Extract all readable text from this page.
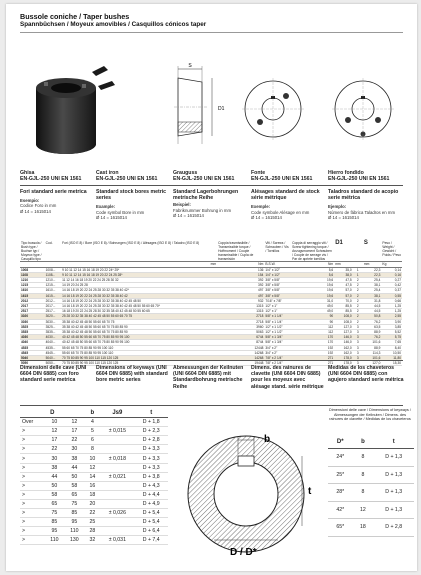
Bussole coniche / Taper bushes
Spannbüchsen / Moyeux amovibles / Casquillos cónicos taper
S
D1
Ghisa
EN-GJL-250 UNI EN 1561
Cast iron
EN-GJL-250 UNI EN 1561
Grauguss
EN-GJL-250 UNI EN 1561
Fonte
EN-GJL-250 UNI EN 1561
Hierro fondido
EN-GJL-250 UNI EN 1561
Fori standard serie metrica
Esempio:
Codice Foro in mm
Ø 14 = 1615014
Standard stock bores metric series
Example:
Code symbol Bore in mm
Ø 14 = 1615014
Standard Lagerbohrungen metrische Reihe
Beispiel:
Fabriknummer Bohrung in mm
Ø 14 = 1615014
Alésages standard de stock série métrique
Exemple:
Code symbole Alésage en mm
Ø 14 = 1615014
Taladros standard de acopio serie métrica
Ejemplo:
Número de fábrica Taladros en mm
Ø 14 = 1615014
Tipo bussola / Bush type / Buchse typ / Moyeux type / Casquillo tipo	Cod.	Fori (ISO E 8) / Bore (ISO E 8) / Bohrungen (ISO E 8) / Alésages (ISO E 8) / Taladro (ISO E 8)	Coppia trasmissibile / Transmissible torque / Hoffmoment / Couple transmissible / Cupla de transmisión	Viti / Screws / Schrauben / Vis / Tornillos	Coppia di serraggio viti / Screw tightening torque / Anzugsmoment Schrauben / Couple de serrage vis / Par de apriete tornillos	D1		S	Peso / Weight / Gewicht / Poids / Peso
		mm	Nm	B.S.W.	Nm	mm		mm	Kg
1008	1008...	9 10 11 12 14 15 16 18 19 20 22 24* 25*	136	1/4" x 1/2"	5,6	35,0	1	22,3	0,14
1108	1108...	9 10 11 12 14 15 16 18 19 20 22 24 25 28*	154	1/4" x 1/2"	5,6	38,0	1	22,3	0,16
1210	1210...	11 12 14 16 18 19 20 22 24 25 28 30 32	392	3/8" x 5/8"	19,6	47,5	2	25,4	0,27
1215	1215...	14 19 20 24 25 28	392	3/8" x 5/8"	19,6	47,5	2	38,1	0,42
1610	1610...	14 16 18 19 20 22 24 25 28 30 32 35 38 40 42*	497	3/8" x 5/8"	19,6	57,0	2	25,4	0,37
1615	1615...	14 16 18 19 20 22 24 25 28 30 32 35 38 40 42	497	3/8" x 5/8"	19,6	57,0	2	38,1	0,55
2012	2012...	14 16 18 19 20 22 24 25 28 30 32 35 38 40 42 45 48 50	932	7/16" x 7/8"	31,0	70,0	2	31,8	0,66
2017	2017...	14 16 18 19 20 22 24 25 28 30 32 35 38 40 42 45 48 50 55 60 65 70*	1315	1/2" x 1"	49,0	85,5	2	44,5	1,25
2517	2517...	16 18 19 20 22 24 25 28 30 32 35 38 40 42 45 48 50 55 60 65	1315	1/2" x 1"	49,0	85,5	2	44,5	1,25
3020	3020...	25 28 30 32 35 38 40 42 45 48 50 55 60 65 70 75	2718	5/8" x 1 1/4"	90	108,0	2	50,8	2,55
3030	3030...	35 38 40 42 45 48 50 55 60 65 70 75	2718	5/8" x 1 1/4"	90	108,0	2	76,2	3,90
3525	3525...	35 38 40 42 45 48 50 55 60 65 70 75 80 85 90	3960	1/2" x 1 1/2"	112	127,0	3	63,5	3,85
3535	3535...	35 38 40 42 45 48 50 55 60 65 70 75 80 85 90	5063	1/2" x 1 1/2"	112	127,0	3	88,9	5,52
4030	4030...	40 42 45 48 50 55 60 65 70 75 80 85 90 95 100	6744	5/8" x 1 3/4"	170	146,0	3	76,2	5,75
4040	4040...	40 42 45 48 50 55 60 65 70 75 80 85 90 95 100	8744	5/8" x 1 3/4"	170	146,0	3	101,6	7,65
4535	4535...	55 60 65 70 75 80 85 90 95 100 110	12448	3/4" x 2"	192	162,0	3	88,9	8,40
4545	4545...	55 60 65 70 75 80 85 90 95 100 110	14268	3/4" x 2"	192	162,0	3	114,3	10,50
5040	5040...	70 75 80 85 90 95 100 110 115 120 125	14268	7/8" x 2 1/4"	271	178,0	3	101,6	11,80
5050	5050...	70 75 80 85 90 95 100 110 115 120 125	19448	7/8" x 2 1/4"	271	178,0	3	127,0	15,30
Dimensioni delle cave (UNI 6604 DIN 6885) con foro standard serie metrica
Dimensions of keyways (UNI 6604 DIN 6885) with standard bore metric series
Abmessungen der Keilnuten (UNI 6604 DIN 6885) mit Standardbohrung metrische Reihe
Dimens. des rainures de clavette (UNI 6604 DIN 6885) pour les moyeux avec alésage stand. série métrique
Medidas de los chaveteros (UNI 6604 DIN 6885) con agujero standard serie métrica
D			b	Js9	t
Over	10	12	4		D + 1,8
>	12	17	5	± 0,015	D + 2,3
>	17	22	6		D + 2,8
>	22	30	8		D + 3,3
>	30	38	10	± 0,018	D + 3,3
>	38	44	12		D + 3,3
>	44	50	14	± 0,021	D + 3,8
>	50	58	16		D + 4,3
>	58	65	18		D + 4,4
>	65	75	20		D + 4,9
>	75	85	22	± 0,026	D + 5,4
>	85	95	25		D + 5,4
>	95	110	28		D + 6,4
>	110	130	32	± 0,031	D + 7,4
b
t
D / D*
Dimensioni delle cave / Dimensions of keyways / Abmessungen der Keilnuten / Dimens. des rainures de clavette / Medidas de los chaveteros
D*	b	t
24*	8	D + 1,3
25*	8	D + 1,3
28*	8	D + 1,3
42*	12	D + 1,3
65*	18	D + 2,8
